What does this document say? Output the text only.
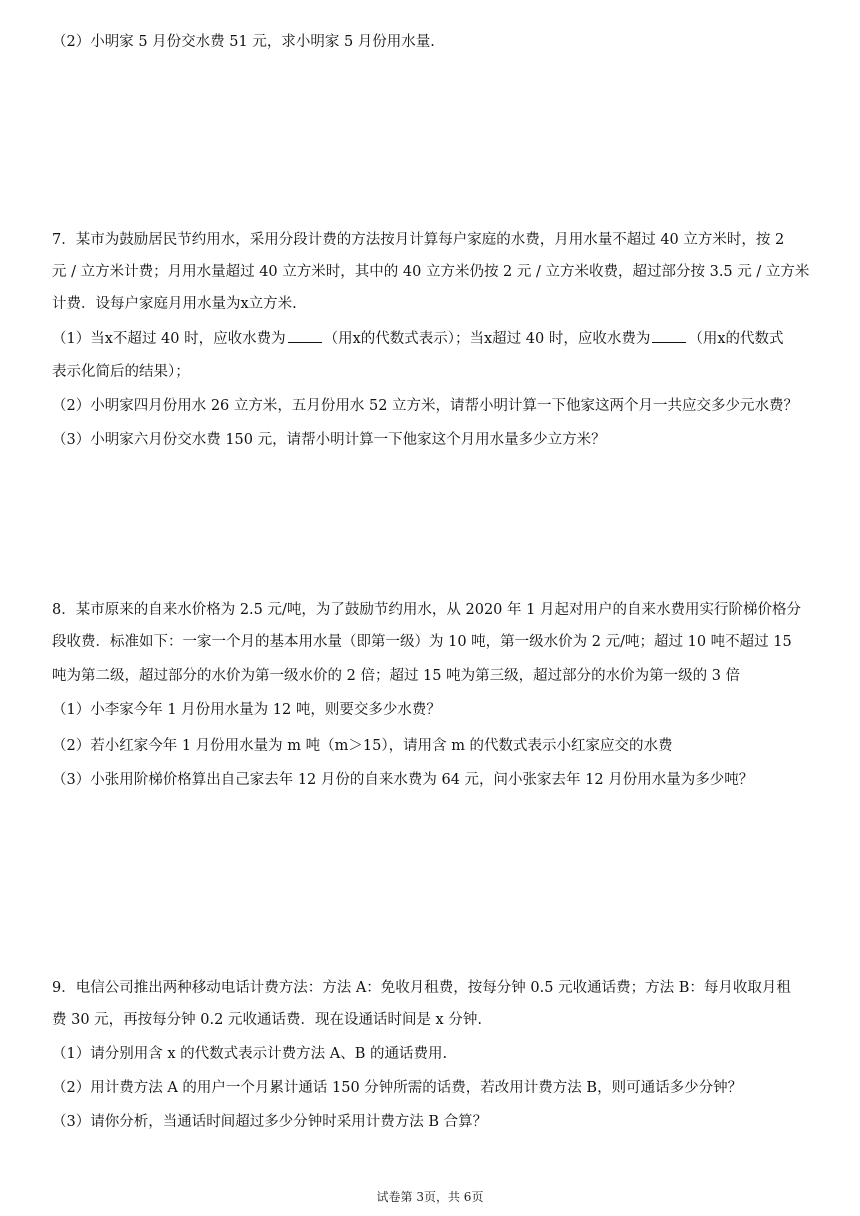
（2）小明家 5 月份交水费 51 元，求小明家 5 月份用水量.
7．某市为鼓励居民节约用水，采用分段计费的方法按月计算每户家庭的水费，月用水量不超过 40 立方米时，按 2
元 / 立方米计费；月用水量超过 40 立方米时，其中的 40 立方米仍按 2 元 / 立方米收费，超过部分按 3.5 元 / 立方米
计费．设每户家庭月用水量为x立方米.
（1）当x不超过 40 时，应收水费为	（用x的代数式表示）；当x超过 40 时，应收水费为	（用x的代数式
表示化简后的结果）；
（2）小明家四月份用水 26 立方米，五月份用水 52 立方米，请帮小明计算一下他家这两个月一共应交多少元水费？
（3）小明家六月份交水费 150 元，请帮小明计算一下他家这个月用水量多少立方米？
8．某市原来的自来水价格为 2.5 元/吨，为了鼓励节约用水，从 2020 年 1 月起对用户的自来水费用实行阶梯价格分
段收费．标准如下：一家一个月的基本用水量（即第一级）为 10 吨，第一级水价为 2 元/吨；超过 10 吨不超过 15
吨为第二级，超过部分的水价为第一级水价的 2 倍；超过 15 吨为第三级，超过部分的水价为第一级的 3 倍
（1）小李家今年 1 月份用水量为 12 吨，则要交多少水费？
（2）若小红家今年 1 月份用水量为 m 吨（m＞15），请用含 m 的代数式表示小红家应交的水费
（3）小张用阶梯价格算出自己家去年 12 月份的自来水费为 64 元，问小张家去年 12 月份用水量为多少吨？
9．电信公司推出两种移动电话计费方法：方法 A：免收月租费，按每分钟 0.5 元收通话费；方法 B：每月收取月租
费 30 元，再按每分钟 0.2 元收通话费．现在设通话时间是 x 分钟.
（1）请分别用含 x 的代数式表示计费方法 A、B 的通话费用.
（2）用计费方法 A 的用户一个月累计通话 150 分钟所需的话费，若改用计费方法 B，则可通话多少分钟？
（3）请你分析，当通话时间超过多少分钟时采用计费方法 B 合算？
试卷第 3页，共 6页
